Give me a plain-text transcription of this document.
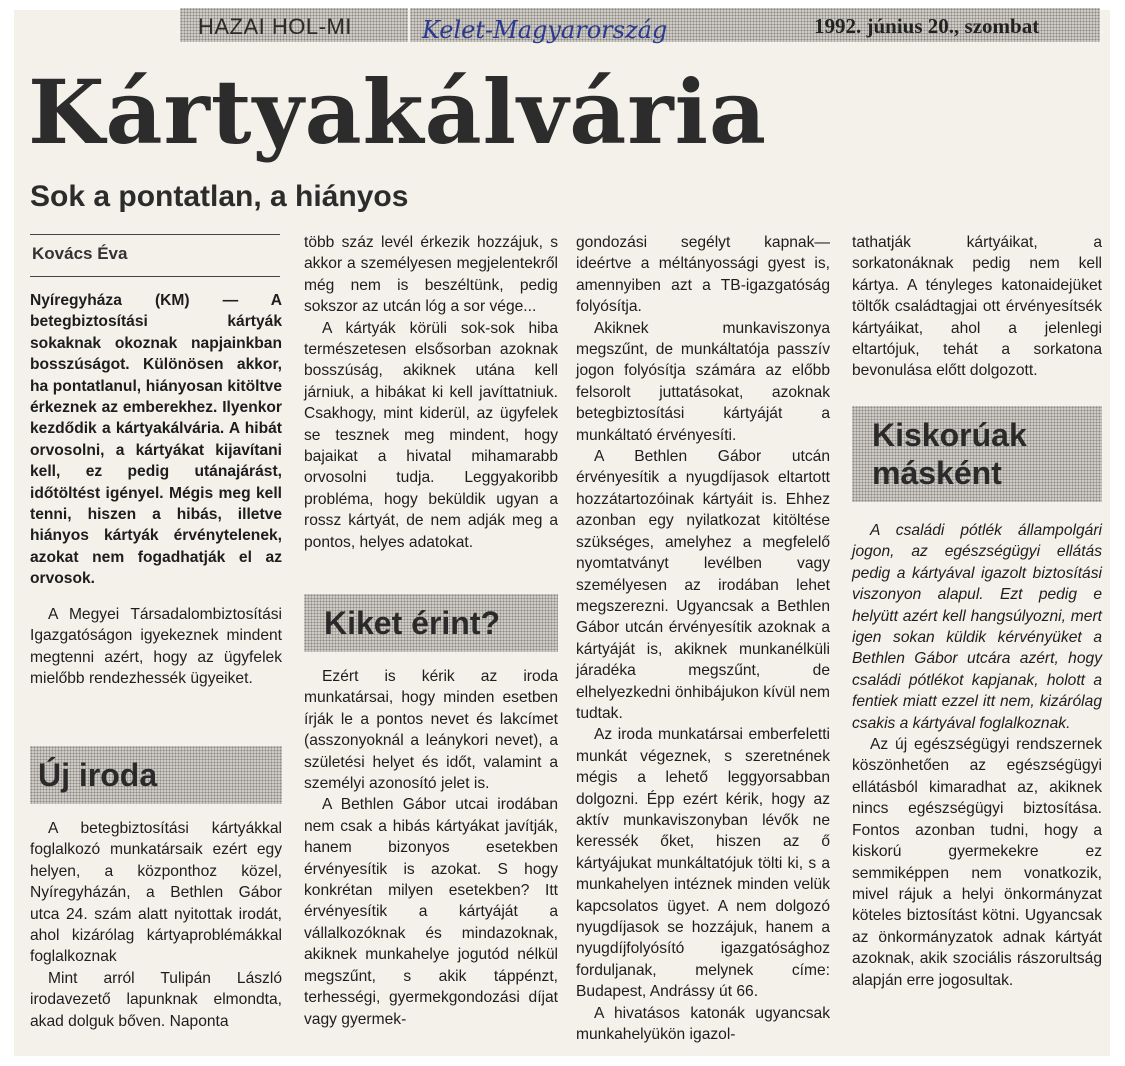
HAZAI HOL-MI	Kelet-Magyarország	1992. június 20., szombat
Kártyakálvária
Sok a pontatlan, a hiányos
Kovács Éva

Nyíregyháza (KM) — A betegbiztosítási kártyák sokaknak okoznak napjainkban bosszúságot. Különösen akkor, ha pontatlanul, hiányosan kitöltve érkeznek az emberekhez. Ilyenkor kezdődik a kártyakálvária. A hibát orvosolni, a kártyákat kijavítani kell, ez pedig utánajárást, időtöltést igényel. Mégis meg kell tenni, hiszen a hibás, illetve hiányos kártyák érvénytelenek, azokat nem fogadhatják el az orvosok.

A Megyei Társadalombiztosítási Igazgatóságon igyekeznek mindent megtenni azért, hogy az ügyfelek mielőbb rendezhessék ügyeiket.

Új iroda

A betegbiztosítási kártyákkal foglalkozó munkatársaik ezért egy helyen, a központhoz közel, Nyíregyházán, a Bethlen Gábor utca 24. szám alatt nyitottak irodát, ahol kizárólag kártyaproblémákkal foglalkoznak

Mint arról Tulipán László irodavezető lapunknak elmondta, akad dolguk bőven. Naponta

több száz levél érkezik hozzájuk, s akkor a személyesen megjelentekről még nem is beszéltünk, pedig sokszor az utcán lóg a sor vége...

A kártyák körüli sok-sok hiba természetesen elsősorban azoknak bosszúság, akiknek utána kell járniuk, a hibákat ki kell javíttatniuk. Csakhogy, mint kiderül, az ügyfelek se tesznek meg mindent, hogy bajaikat a hivatal mihamarabb orvosolni tudja. Leggyakoribb probléma, hogy beküldik ugyan a rossz kártyát, de nem adják meg a pontos, helyes adatokat.

Kiket érint?

Ezért is kérik az iroda munkatársai, hogy minden esetben írják le a pontos nevet és lakcímet (asszonyoknál a leánykori nevet), a születési helyet és időt, valamint a személyi azonosító jelet is.

A Bethlen Gábor utcai irodában nem csak a hibás kártyákat javítják, hanem bizonyos esetekben érvényesítik is azokat. S hogy konkrétan milyen esetekben? Itt érvényesítik a kártyáját a vállalkozóknak és mindazoknak, akiknek munkahelye jogutód nélkül megszűnt, s akik táppénzt, terhességi, gyermekgondozási díjat vagy gyermek-

gondozási segélyt kapnak— ideértve a méltányossági gyest is, amennyiben azt a TB-igazgatóság folyósítja.

Akiknek munkaviszonya megszűnt, de munkáltatója passzív jogon folyósítja számára az előbb felsorolt juttatásokat, azoknak betegbiztosítási kártyáját a munkáltató érvényesíti.

A Bethlen Gábor utcán érvényesítik a nyugdíjasok eltartott hozzátartozóinak kártyáit is. Ehhez azonban egy nyilatkozat kitöltése szükséges, amelyhez a megfelelő nyomtatványt levélben vagy személyesen az irodában lehet megszerezni. Ugyancsak a Bethlen Gábor utcán érvényesítik azoknak a kártyáját is, akiknek munkanélküli járadéka megszűnt, de elhelyezkedni önhibájukon kívül nem tudtak.

Az iroda munkatársai emberfeletti munkát végeznek, s szeretnének mégis a lehető leggyorsabban dolgozni. Épp ezért kérik, hogy az aktív munkaviszonyban lévők ne keressék őket, hiszen az ő kártyájukat munkáltatójuk tölti ki, s a munkahelyen intéznek minden velük kapcsolatos ügyet. A nem dolgozó nyugdíjasok se hozzájuk, hanem a nyugdíjfolyósító igazgatósághoz forduljanak, melynek címe: Budapest, Andrássy út 66.

A hivatásos katonák ugyancsak munkahelyükön igazol-

tathatják kártyáikat, a sorkatonáknak pedig nem kell kártya. A tényleges katonaidejüket töltők családtagjai ott érvényesítsék kártyáikat, ahol a jelenlegi eltartójuk, tehát a sorkatona bevonulása előtt dolgozott.

Kiskorúak másként

A családi pótlék állampolgári jogon, az egészségügyi ellátás pedig a kártyával igazolt biztosítási viszonyon alapul. Ezt pedig e helyütt azért kell hangsúlyozni, mert igen sokan küldik kérvényüket a Bethlen Gábor utcára azért, hogy családi pótlékot kapjanak, holott a fentiek miatt ezzel itt nem, kizárólag csakis a kártyával foglalkoznak.

Az új egészségügyi rendszernek köszönhetően az egészségügyi ellátásból kimaradhat az, akiknek nincs egészségügyi biztosítása. Fontos azonban tudni, hogy a kiskorú gyermekekre ez semmiképpen nem vonatkozik, mivel rájuk a helyi önkormányzat köteles biztosítást kötni. Ugyancsak az önkormányzatok adnak kártyát azoknak, akik szociális rászorultság alapján erre jogosultak.
